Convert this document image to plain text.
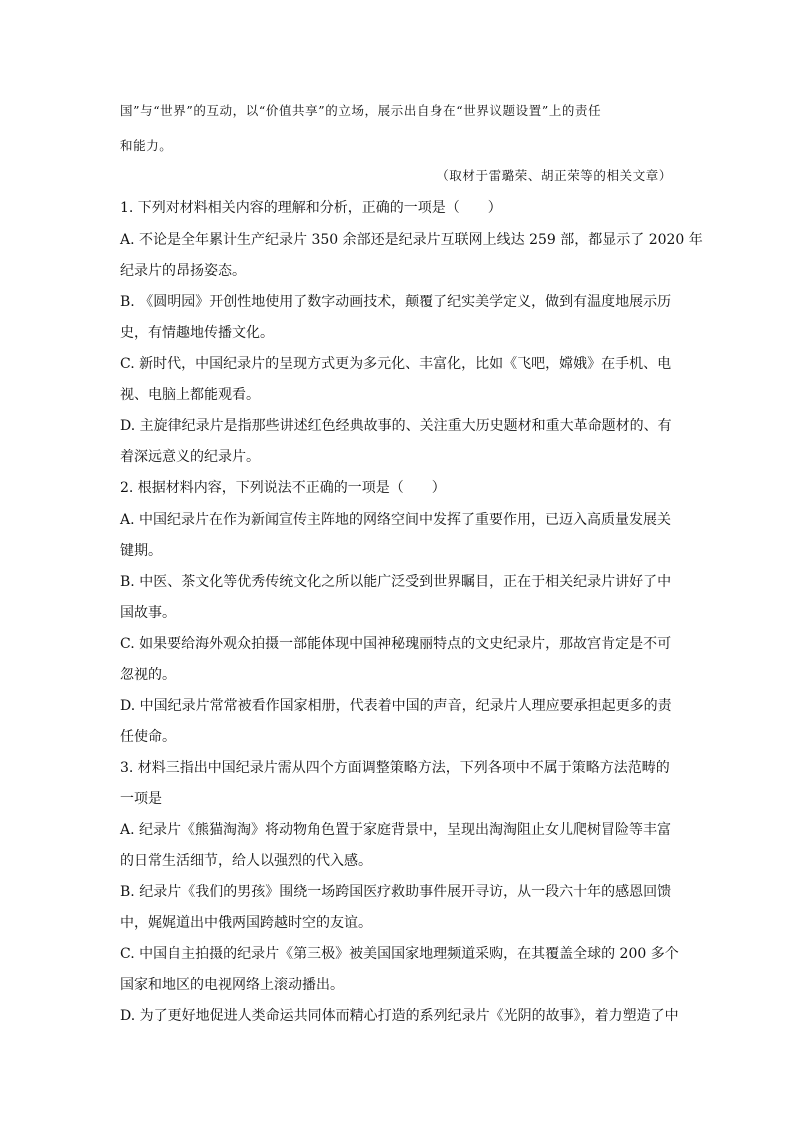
国”与“世界”的互动，以“价值共享”的立场，展示出自身在“世界议题设置”上的责任
和能力。
（取材于雷璐荣、胡正荣等的相关文章）
1. 下列对材料相关内容的理解和分析，正确的一项是（　　）
A. 不论是全年累计生产纪录片 350 余部还是纪录片互联网上线达 259 部，都显示了 2020 年
纪录片的昂扬姿态。
B. 《圆明园》开创性地使用了数字动画技术，颠覆了纪实美学定义，做到有温度地展示历
史，有情趣地传播文化。
C. 新时代，中国纪录片的呈现方式更为多元化、丰富化，比如《飞吧，嫦娥》在手机、电
视、电脑上都能观看。
D. 主旋律纪录片是指那些讲述红色经典故事的、关注重大历史题材和重大革命题材的、有
着深远意义的纪录片。
2. 根据材料内容，下列说法不正确的一项是（　　）
A. 中国纪录片在作为新闻宣传主阵地的网络空间中发挥了重要作用，已迈入高质量发展关
键期。
B. 中医、茶文化等优秀传统文化之所以能广泛受到世界瞩目，正在于相关纪录片讲好了中
国故事。
C. 如果要给海外观众拍摄一部能体现中国神秘瑰丽特点的文史纪录片，那故宫肯定是不可
忽视的。
D. 中国纪录片常常被看作国家相册，代表着中国的声音，纪录片人理应要承担起更多的责
任使命。
3. 材料三指出中国纪录片需从四个方面调整策略方法，下列各项中不属于策略方法范畴的
一项是
A. 纪录片《熊猫淘淘》将动物角色置于家庭背景中，呈现出淘淘阻止女儿爬树冒险等丰富
的日常生活细节，给人以强烈的代入感。
B. 纪录片《我们的男孩》围绕一场跨国医疗救助事件展开寻访，从一段六十年的感恩回馈
中，娓娓道出中俄两国跨越时空的友谊。
C. 中国自主拍摄的纪录片《第三极》被美国国家地理频道采购，在其覆盖全球的 200 多个
国家和地区的电视网络上滚动播出。
D. 为了更好地促进人类命运共同体而精心打造的系列纪录片《光阴的故事》，着力塑造了中
